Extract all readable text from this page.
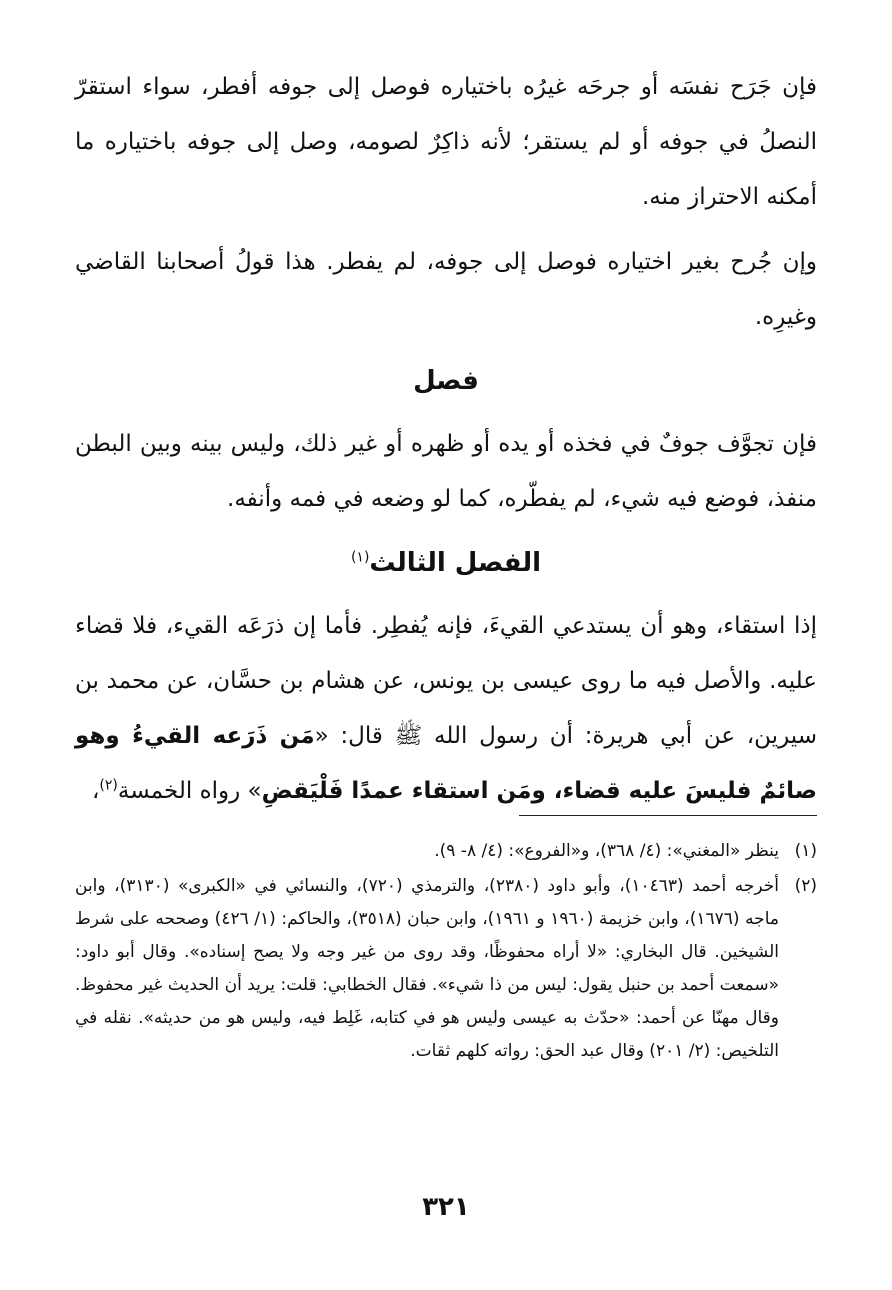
فإن جَرَح نفسَه أو جرحَه غيرُه باختياره فوصل إلى جوفه أفطر، سواء استقرّ النصلُ في جوفه أو لم يستقر؛ لأنه ذاكِرٌ لصومه، وصل إلى جوفه باختياره ما أمكنه الاحتراز منه.

وإن جُرح بغير اختياره فوصل إلى جوفه، لم يفطر. هذا قولُ أصحابنا القاضي وغيرِه.

فصل

فإن تجوَّف جوفٌ في فخذه أو يده أو ظهره أو غير ذلك، وليس بينه وبين البطن منفذ، فوضع فيه شيء، لم يفطّره، كما لو وضعه في فمه وأنفه.

الفصل الثالث$^{(١)}$

إذا استقاء، وهو أن يستدعي القيءَ، فإنه يُفطِر. فأما إن ذرَعَه القيء، فلا قضاء عليه. والأصل فيه ما روى عيسى بن يونس، عن هشام بن حسَّان، عن محمد بن سيرين، عن أبي هريرة: أن رسول الله ﷺ قال: «مَن ذَرَعه القيءُ وهو صائمٌ فليسَ عليه قضاء، ومَن استقاء عمدًا فَلْيَقضِ» رواه الخمسة$^{(٢)}$،

(١)
ينظر «المغني»: (٤/ ٣٦٨)، و«الفروع»: (٤/ ٨- ٩).

(٢)
أخرجه أحمد (١٠٤٦٣)، وأبو داود (٢٣٨٠)، والترمذي (٧٢٠)، والنسائي في «الكبرى» (٣١٣٠)، وابن ماجه (١٦٧٦)، وابن خزيمة (١٩٦٠ و ١٩٦١)، وابن حبان (٣٥١٨)، والحاكم: (١/ ٤٢٦) وصححه على شرط الشيخين. قال البخاري: «لا أراه محفوظًا، وقد روى من غير وجه ولا يصح إسناده». وقال أبو داود: «سمعت أحمد بن حنبل يقول: ليس من ذا شيء». فقال الخطابي: قلت: يريد أن الحديث غير محفوظ. وقال مهنّا عن أحمد: «حدّث به عيسى وليس هو في كتابه، غَلِط فيه، وليس هو من حديثه». نقله في التلخيص: (٢/ ٢٠١) وقال عبد الحق: رواته كلهم ثقات.

٣٢١
